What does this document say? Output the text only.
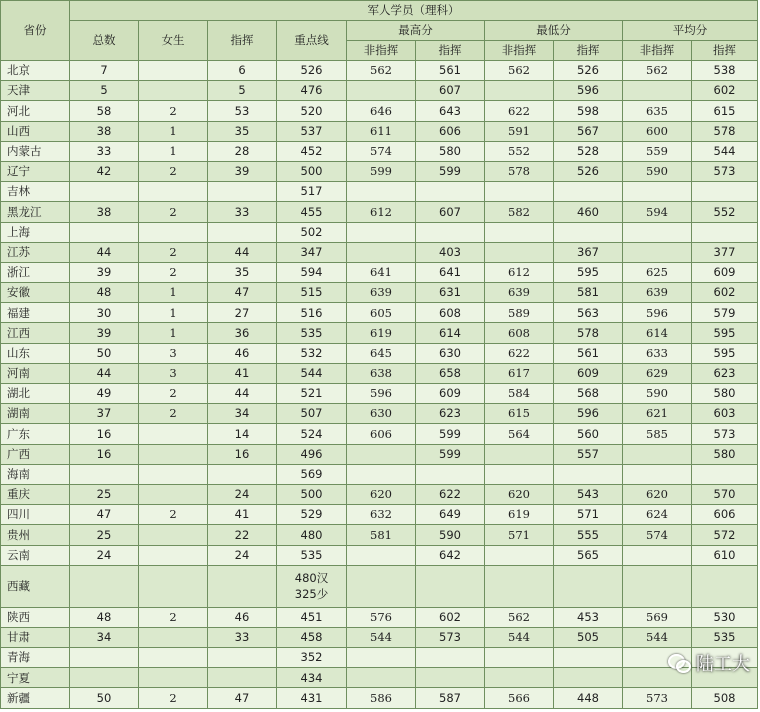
省份	军人学员（理科）									
	总数	女生	指挥	重点线	最高分		最低分		平均分	
					非指挥	指挥	非指挥	指挥	非指挥	指挥
北京	7		6	526	562	561	562	526	562	538
天津	5		5	476		607		596		602
河北	58	2	53	520	646	643	622	598	635	615
山西	38	1	35	537	611	606	591	567	600	578
内蒙古	33	1	28	452	574	580	552	528	559	544
辽宁	42	2	39	500	599	599	578	526	590	573
吉林				517						
黑龙江	38	2	33	455	612	607	582	460	594	552
上海				502						
江苏	44	2	44	347		403		367		377
浙江	39	2	35	594	641	641	612	595	625	609
安徽	48	1	47	515	639	631	639	581	639	602
福建	30	1	27	516	605	608	589	563	596	579
江西	39	1	36	535	619	614	608	578	614	595
山东	50	3	46	532	645	630	622	561	633	595
河南	44	3	41	544	638	658	617	609	629	623
湖北	49	2	44	521	596	609	584	568	590	580
湖南	37	2	34	507	630	623	615	596	621	603
广东	16		14	524	606	599	564	560	585	573
广西	16		16	496		599		557		580
海南				569						
重庆	25		24	500	620	622	620	543	620	570
四川	47	2	41	529	632	649	619	571	624	606
贵州	25		22	480	581	590	571	555	574	572
云南	24		24	535		642		565		610
西藏				480汉
325少						

陕西	48	2	46	451	576	602	562	453	569	530
甘肃	34		33	458	544	573	544	505	544	535
青海				352						
宁夏				434						
新疆	50	2	47	431	586	587	566	448	573	508
陆工大
